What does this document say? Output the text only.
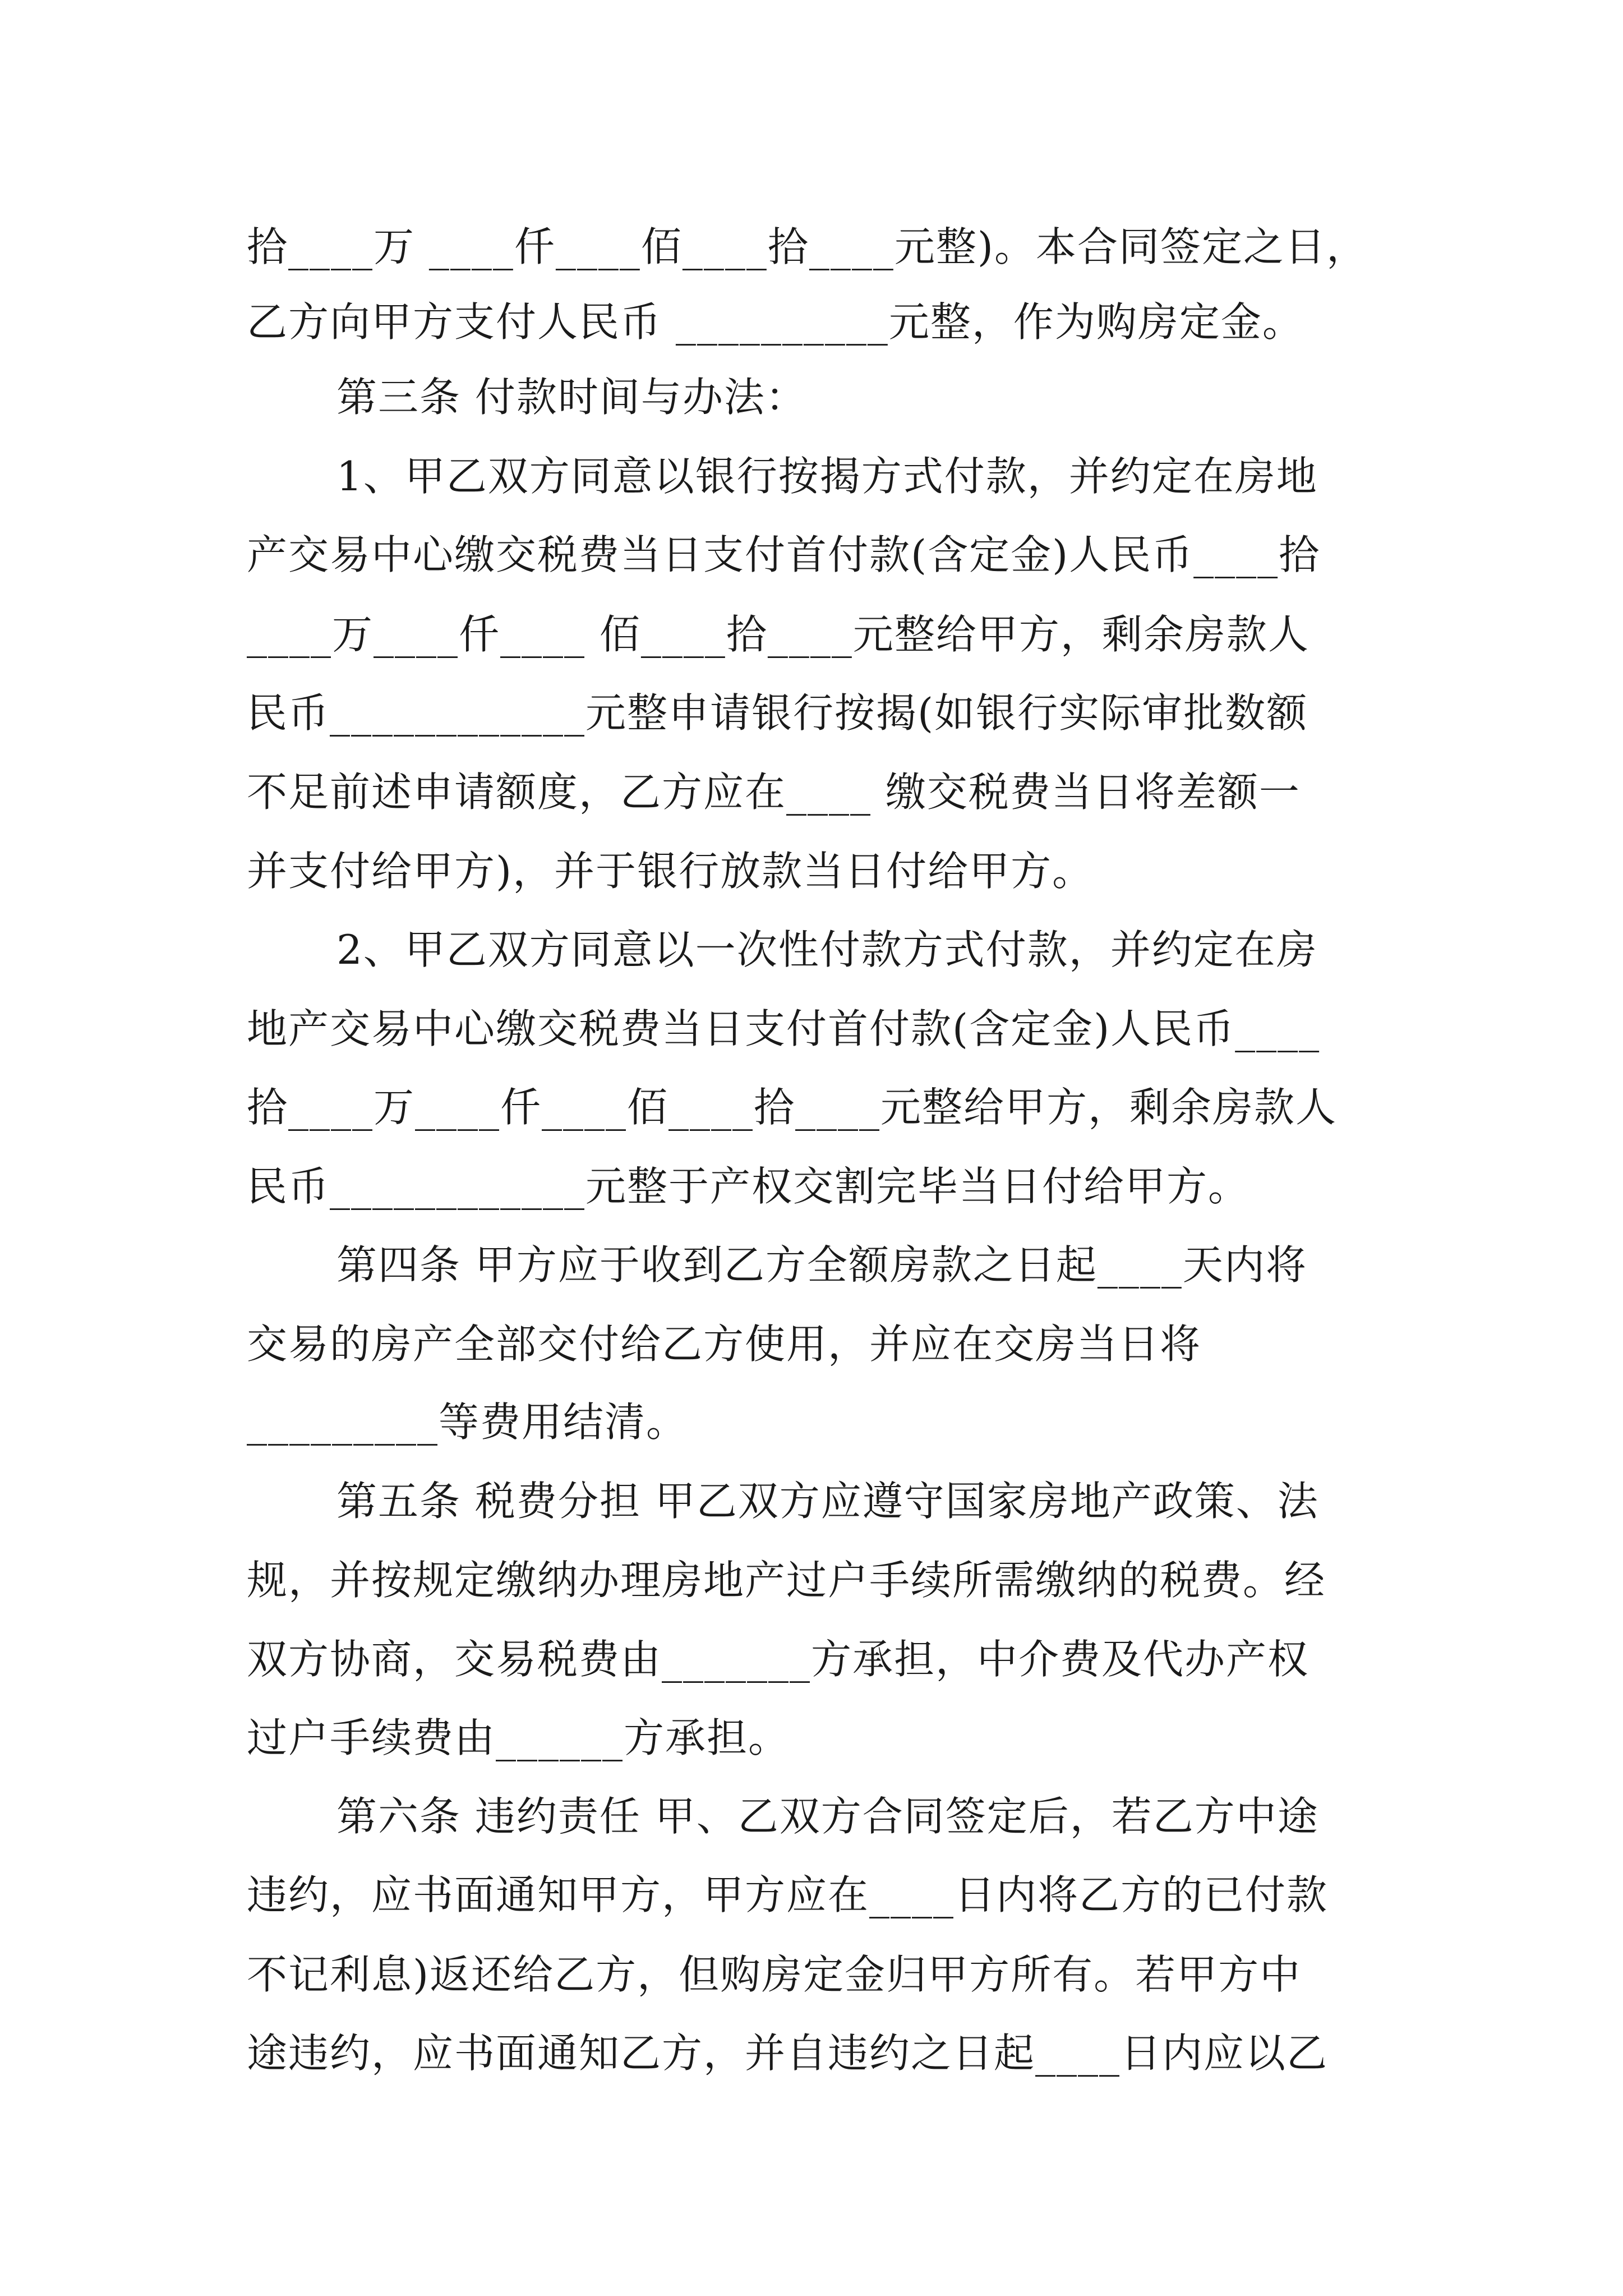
拾____万 ____仟____佰____拾____元整)。本合同签定之日，
乙方向甲方支付人民币 __________元整，作为购房定金。
第三条 付款时间与办法：
1、甲乙双方同意以银行按揭方式付款，并约定在房地
产交易中心缴交税费当日支付首付款(含定金)人民币____拾
____万____仟____ 佰____拾____元整给甲方，剩余房款人
民币____________元整申请银行按揭(如银行实际审批数额
不足前述申请额度，乙方应在____ 缴交税费当日将差额一
并支付给甲方)，并于银行放款当日付给甲方。
2、甲乙双方同意以一次性付款方式付款，并约定在房
地产交易中心缴交税费当日支付首付款(含定金)人民币____
拾____万____仟____佰____拾____元整给甲方，剩余房款人
民币____________元整于产权交割完毕当日付给甲方。
第四条 甲方应于收到乙方全额房款之日起____天内将
交易的房产全部交付给乙方使用，并应在交房当日将
_________等费用结清。
第五条 税费分担 甲乙双方应遵守国家房地产政策、法
规，并按规定缴纳办理房地产过户手续所需缴纳的税费。经
双方协商，交易税费由_______方承担，中介费及代办产权
过户手续费由______方承担。
第六条 违约责任 甲、乙双方合同签定后，若乙方中途
违约，应书面通知甲方，甲方应在____日内将乙方的已付款
不记利息)返还给乙方，但购房定金归甲方所有。若甲方中
途违约，应书面通知乙方，并自违约之日起____日内应以乙
